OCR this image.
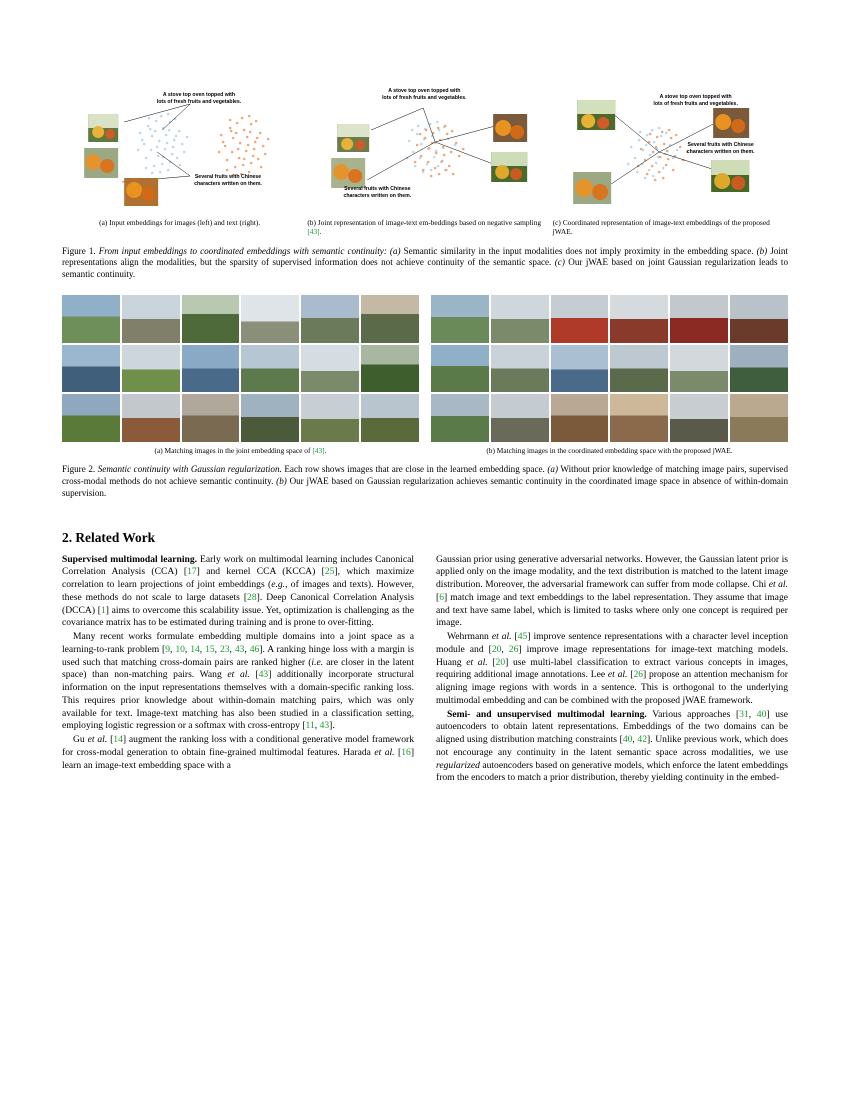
A stove top oven topped with
lots of fresh fruits and vegetables.
Several fruits with Chinese
characters written on them.
(a) Input embeddings for images (left) and text (right).
A stove top oven topped with
lots of fresh fruits and vegetables.
Several fruits with Chinese
characters written on them.
(b) Joint representation of image-text em-beddings based on negative sampling [43].
A stove top oven topped with
lots of fresh fruits and vegetables.
Several fruits with Chinese
characters written on them.
(c) Coordinated representation of image-text embeddings of the proposed jWAE.
Figure 1. From input embeddings to coordinated embeddings with semantic continuity: (a) Semantic similarity in the input modalities does not imply proximity in the embedding space. (b) Joint representations align the modalities, but the sparsity of supervised information does not achieve continuity of the semantic space. (c) Our jWAE based on joint Gaussian regularization leads to semantic continuity.
(a) Matching images in the joint embedding space of [43].	(b) Matching images in the coordinated embedding space with the proposed jWAE.
Figure 2. Semantic continuity with Gaussian regularization. Each row shows images that are close in the learned embedding space. (a) Without prior knowledge of matching image pairs, supervised cross-modal methods do not achieve semantic continuity. (b) Our jWAE based on Gaussian regularization achieves semantic continuity in the coordinated image space in absence of within-domain supervision.
2. Related Work

Supervised multimodal learning. Early work on multimodal learning includes Canonical Correlation Analysis (CCA) [17] and kernel CCA (KCCA) [25], which maximize correlation to learn projections of joint embeddings (e.g., of images and texts). However, these methods do not scale to large datasets [28]. Deep Canonical Correlation Analysis (DCCA) [1] aims to overcome this scalability issue. Yet, optimization is challenging as the covariance matrix has to be estimated during training and is prone to over-fitting.

Many recent works formulate embedding multiple domains into a joint space as a learning-to-rank problem [9, 10, 14, 15, 23, 43, 46]. A ranking hinge loss with a margin is used such that matching cross-domain pairs are ranked higher (i.e. are closer in the latent space) than non-matching pairs. Wang et al. [43] additionally incorporate structural information on the input representations themselves with a domain-specific ranking loss. This requires prior knowledge about within-domain matching pairs, which was only available for text. Image-text matching has also been studied in a classification setting, employing logistic regression or a softmax with cross-entropy [11, 43].

Gu et al. [14] augment the ranking loss with a conditional generative model framework for cross-modal generation to obtain fine-grained multimodal features. Harada et al. [16] learn an image-text embedding space with a

Gaussian prior using generative adversarial networks. However, the Gaussian latent prior is applied only on the image modality, and the text distribution is matched to the latent image distribution. Moreover, the adversarial framework can suffer from mode collapse. Chi et al. [6] match image and text embeddings to the label representation. They assume that image and text have same label, which is limited to tasks where only one concept is required per image.

Wehrmann et al. [45] improve sentence representations with a character level inception module and [20, 26] improve image representations for image-text matching models. Huang et al. [20] use multi-label classification to extract various concepts in images, requiring additional image annotations. Lee et al. [26] propose an attention mechanism for aligning image regions with words in a sentence. This is orthogonal to the underlying multimodal embedding and can be combined with the proposed jWAE framework.

Semi- and unsupervised multimodal learning. Various approaches [31, 40] use autoencoders to obtain latent representations. Embeddings of the two domains can be aligned using distribution matching constraints [40, 42]. Unlike previous work, which does not encourage any continuity in the latent semantic space across modalities, we use regularized autoencoders based on generative models, which enforce the latent embeddings from the encoders to match a prior distribution, thereby yielding continuity in the embed-
